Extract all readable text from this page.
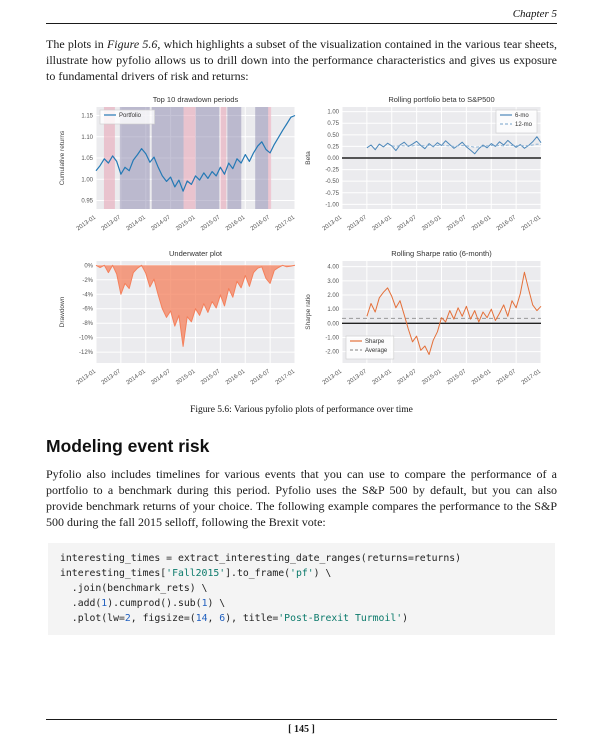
Chapter 5

The plots in Figure 5.6, which highlights a subset of the visualization contained in the various tear sheets, illustrate how pyfolio allows us to drill down into the performance characteristics and gives us exposure to fundamental drivers of risk and returns:

0.95
1.00
1.05
1.10
1.15
2013-01 2013-07 2014-01 2014-07 2015-01 2015-07 2016-01 2016-07 2017-01
Top 10 drawdown periods
Cumulative returns
Portfolio
1.00
0.75
0.50
0.25
0.00
-0.25
-0.50
-0.75
-1.00
2013-01 2013-07 2014-01 2014-07 2015-01 2015-07 2016-01 2016-07 2017-01
Rolling portfolio beta to S&P500
Beta
6-mo
12-mo
0%
-2%
-4%
-6%
-8%
-10%
-12%
2013-01 2013-07 2014-01 2014-07 2015-01 2015-07 2016-01 2016-07 2017-01
Underwater plot
Drawdown
4.00
3.00
2.00
1.00
0.00
-1.00
-2.00
2013-01 2013-07 2014-01 2014-07 2015-01 2015-07 2016-01 2016-07 2017-01
Rolling Sharpe ratio (6-month)
Sharpe ratio
Sharpe
Average
Figure 5.6: Various pyfolio plots of performance over time
Modeling event risk

Pyfolio also includes timelines for various events that you can use to compare the performance of a portfolio to a benchmark during this period. Pyfolio uses the S&P 500 by default, but you can also provide benchmark returns of your choice. The following example compares the performance to the S&P 500 during the fall 2015 selloff, following the Brexit vote:

interesting_times = extract_interesting_date_ranges(returns=returns)
interesting_times['Fall2015'].to_frame('pf') \
.join(benchmark_rets) \
.add(1).cumprod().sub(1) \
.plot(lw=2, figsize=(14, 6), title='Post-Brexit Turmoil')
[ 145 ]
